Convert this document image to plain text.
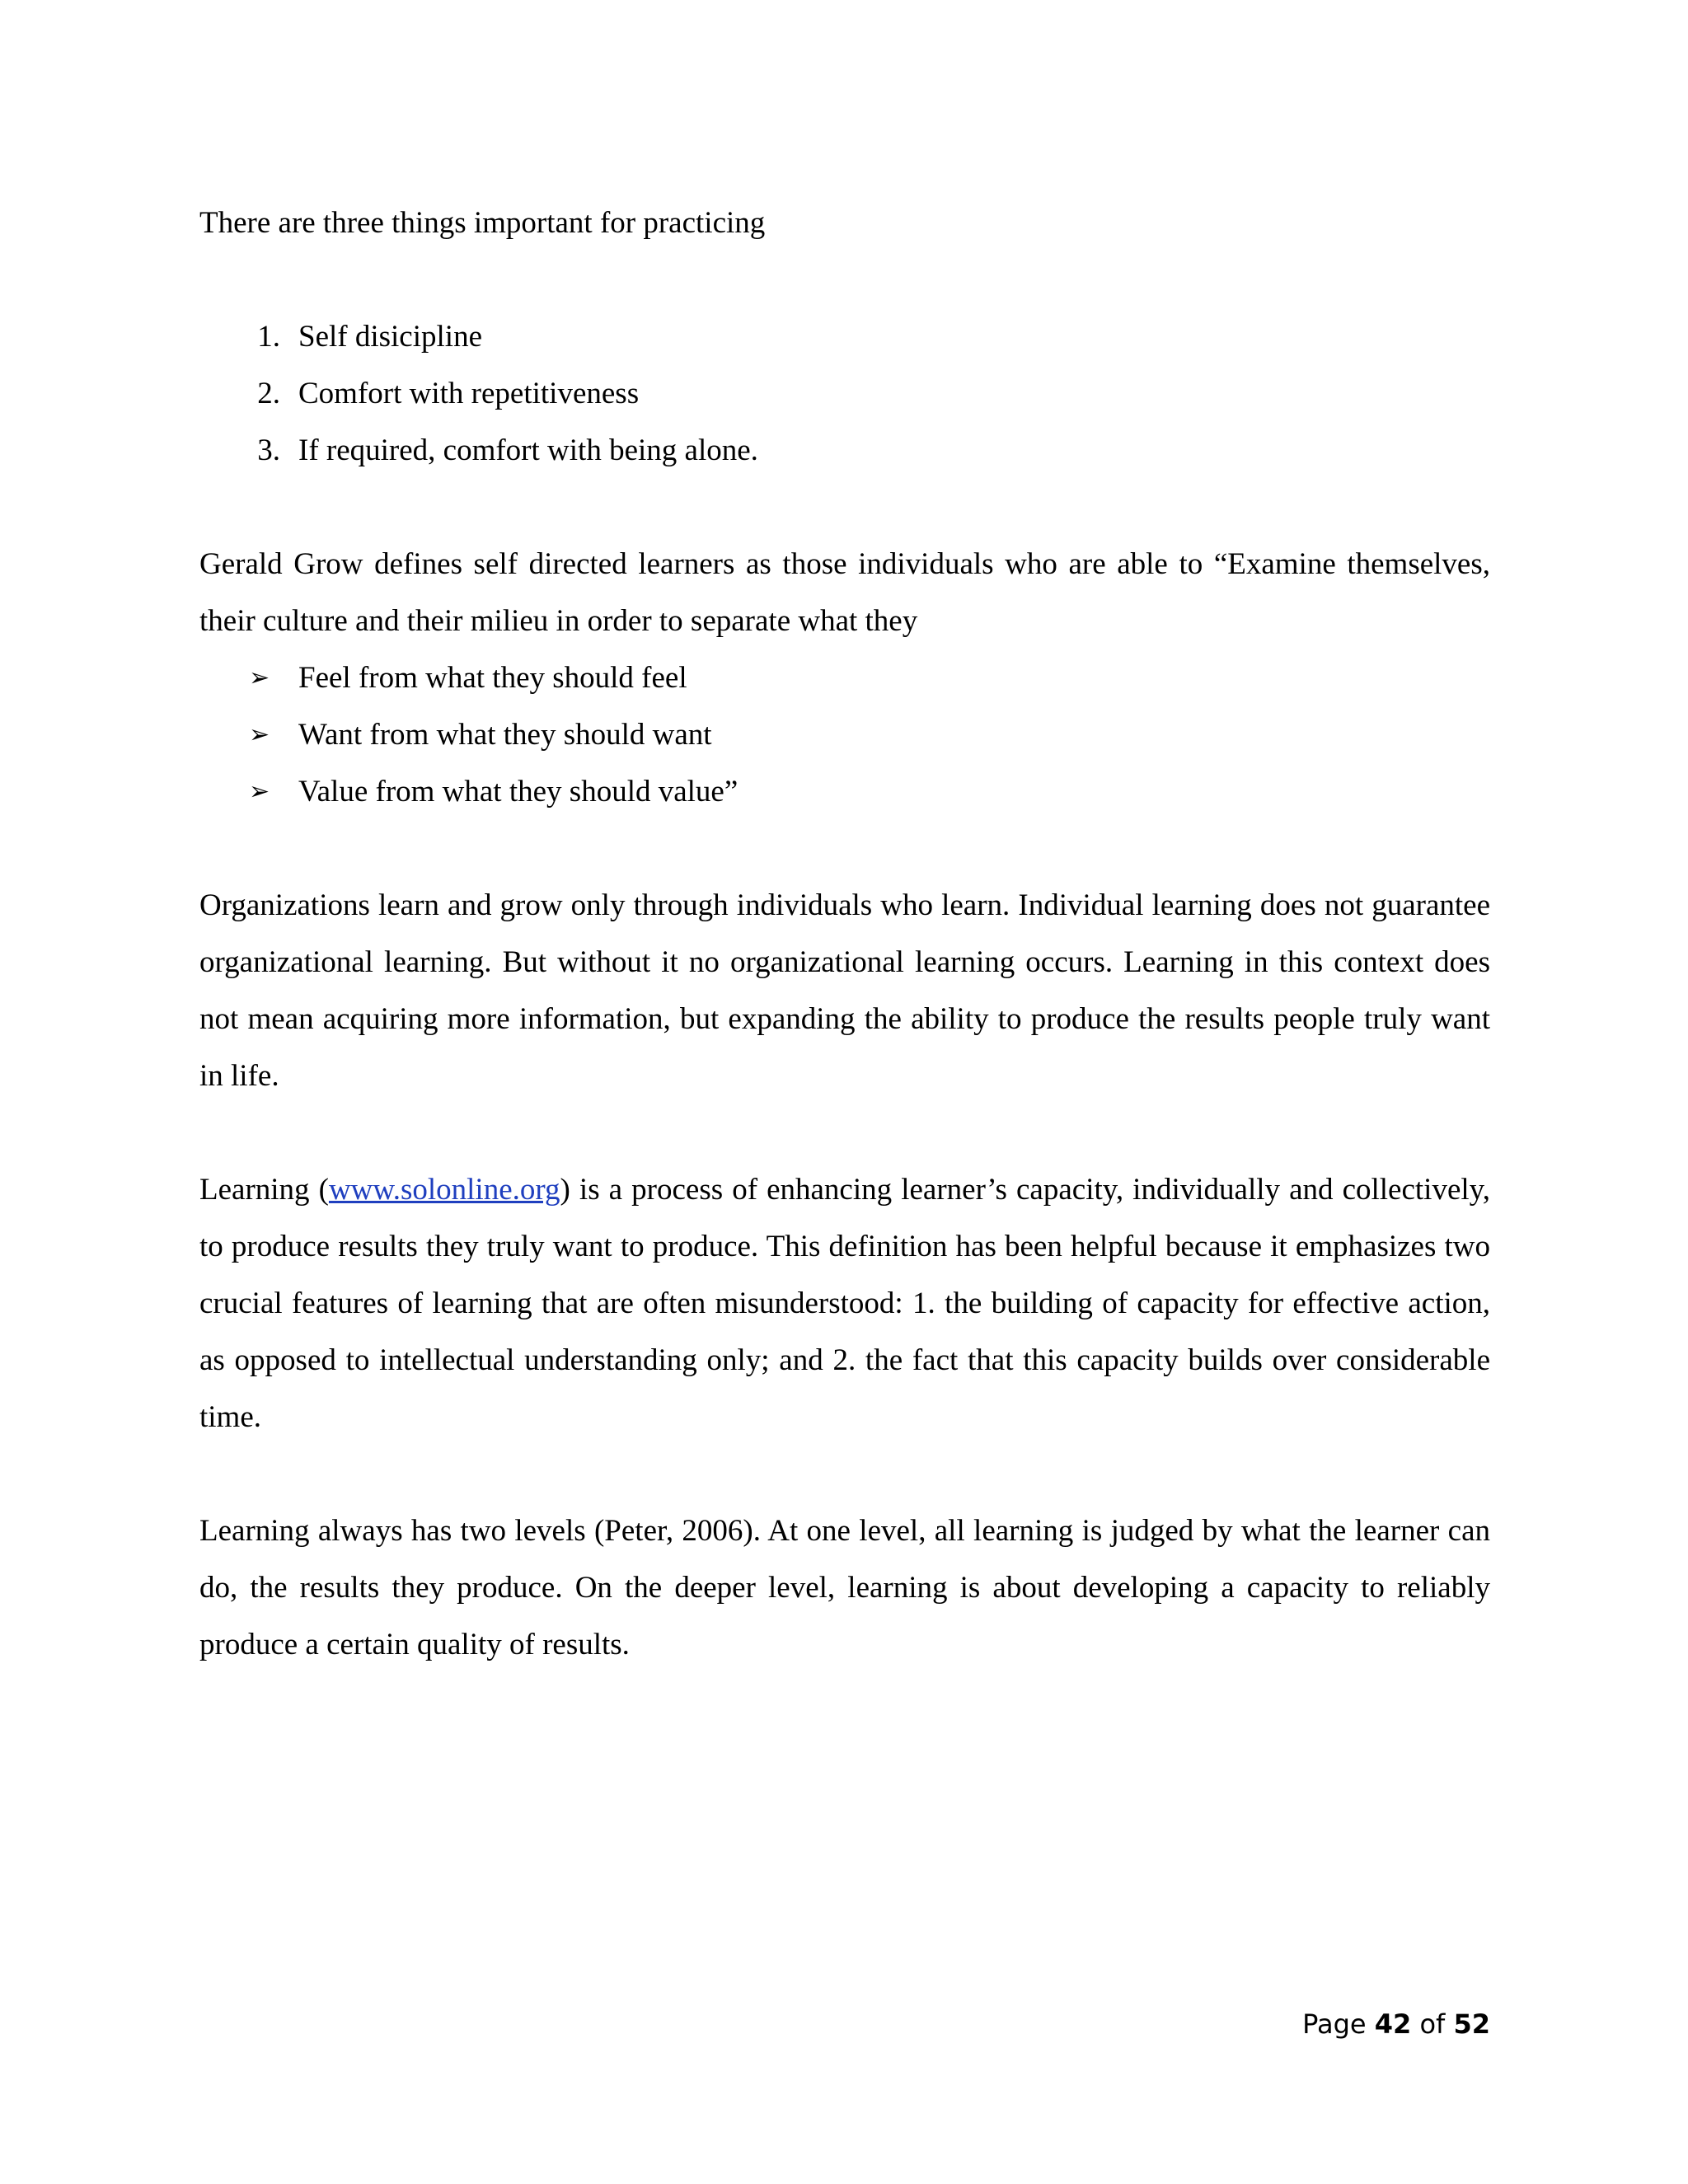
There are three things important for practicing

1. Self disicipline
2. Comfort with repetitiveness
3. If required, comfort with being alone.

Gerald Grow defines self directed learners as those individuals who are able to “Examine themselves, their culture and their milieu in order to separate what they

➢ Feel from what they should feel
➢ Want from what they should want
➢ Value from what they should value”

Organizations learn and grow only through individuals who learn. Individual learning does not guarantee organizational learning. But without it no organizational learning occurs. Learning in this context does not mean acquiring more information, but expanding the ability to produce the results people truly want in life.

Learning (www.solonline.org) is a process of enhancing learner’s capacity, individually and collectively, to produce results they truly want to produce. This definition has been helpful because it emphasizes two crucial features of learning that are often misunderstood: 1. the building of capacity for effective action, as opposed to intellectual understanding only; and 2. the fact that this capacity builds over considerable time.

Learning always has two levels (Peter, 2006). At one level, all learning is judged by what the learner can do, the results they produce. On the deeper level, learning is about developing a capacity to reliably produce a certain quality of results.

Page 42 of 52
